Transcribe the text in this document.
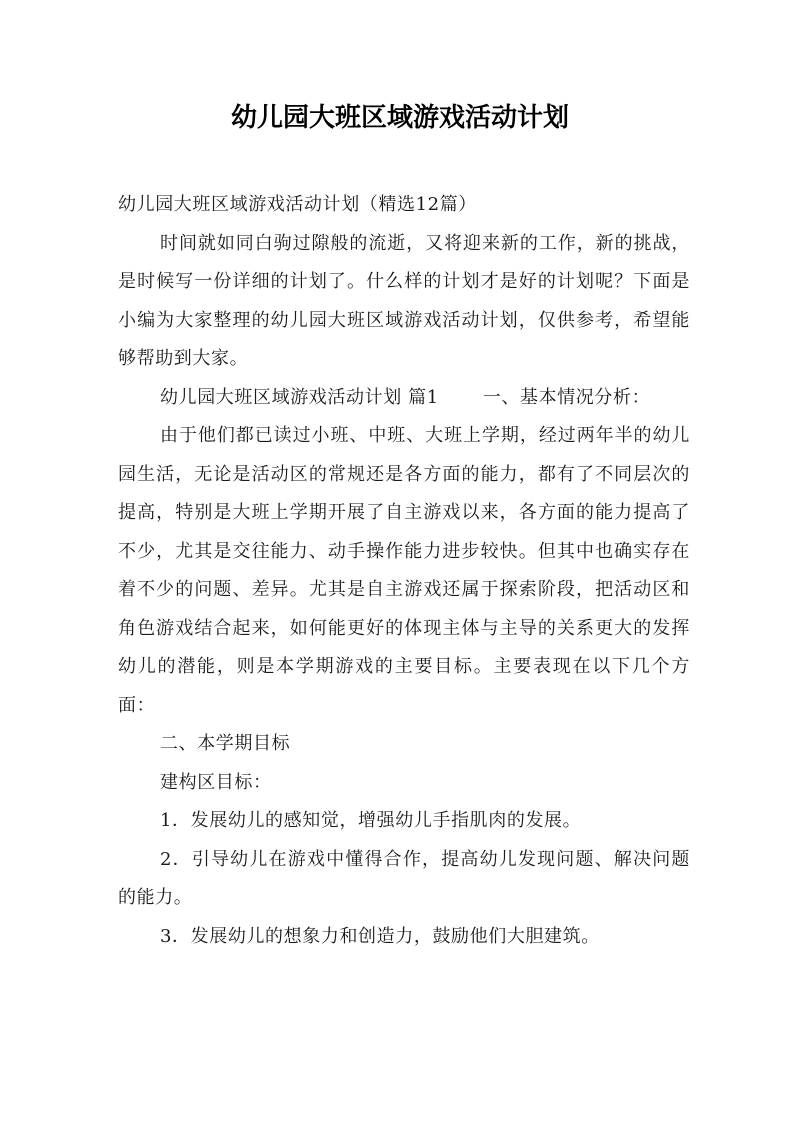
幼儿园大班区域游戏活动计划

幼儿园大班区域游戏活动计划（精选12篇）

时间就如同白驹过隙般的流逝，又将迎来新的工作，新的挑战，是时候写一份详细的计划了。什么样的计划才是好的计划呢？下面是小编为大家整理的幼儿园大班区域游戏活动计划，仅供参考，希望能够帮助到大家。

幼儿园大班区域游戏活动计划 篇1 一、基本情况分析：

由于他们都已读过小班、中班、大班上学期，经过两年半的幼儿园生活，无论是活动区的常规还是各方面的能力，都有了不同层次的提高，特别是大班上学期开展了自主游戏以来，各方面的能力提高了不少，尤其是交往能力、动手操作能力进步较快。但其中也确实存在着不少的问题、差异。尤其是自主游戏还属于探索阶段，把活动区和角色游戏结合起来，如何能更好的体现主体与主导的关系更大的发挥幼儿的潜能，则是本学期游戏的主要目标。主要表现在以下几个方面：

二、本学期目标

建构区目标：

1．发展幼儿的感知觉，增强幼儿手指肌肉的发展。

2．引导幼儿在游戏中懂得合作，提高幼儿发现问题、解决问题的能力。

3．发展幼儿的想象力和创造力，鼓励他们大胆建筑。
